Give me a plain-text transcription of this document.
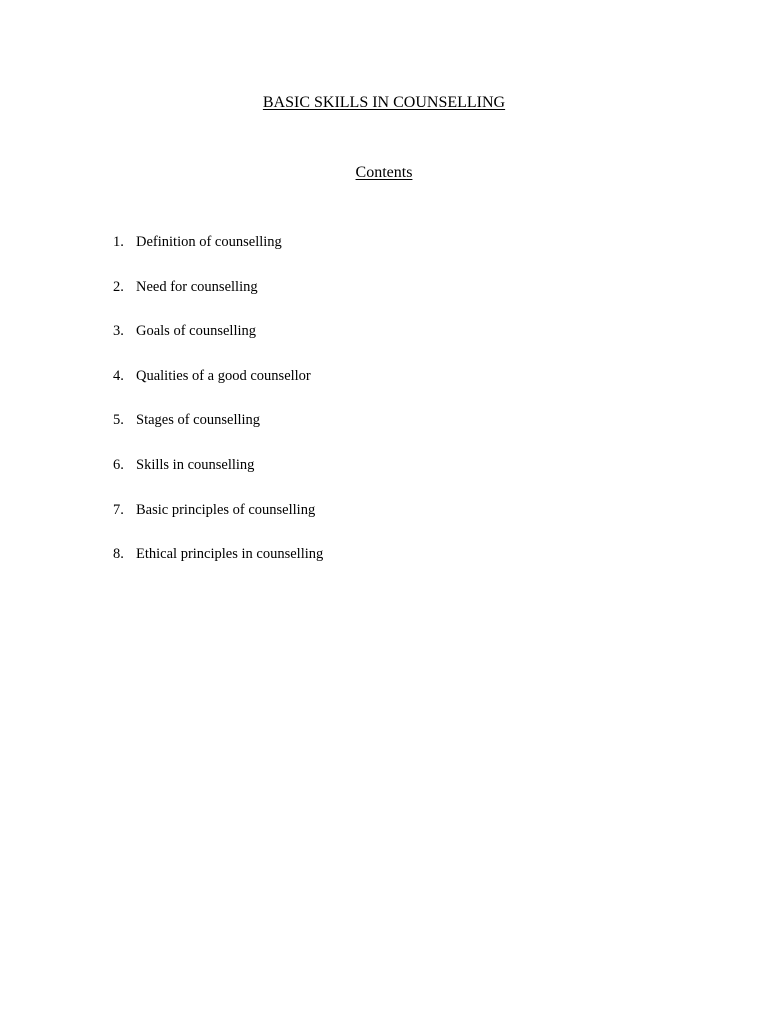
BASIC SKILLS IN COUNSELLING
Contents
1. Definition of counselling
2. Need for counselling
3. Goals of counselling
4. Qualities of a good counsellor
5. Stages of counselling
6. Skills in counselling
7. Basic principles of counselling
8. Ethical principles in counselling
